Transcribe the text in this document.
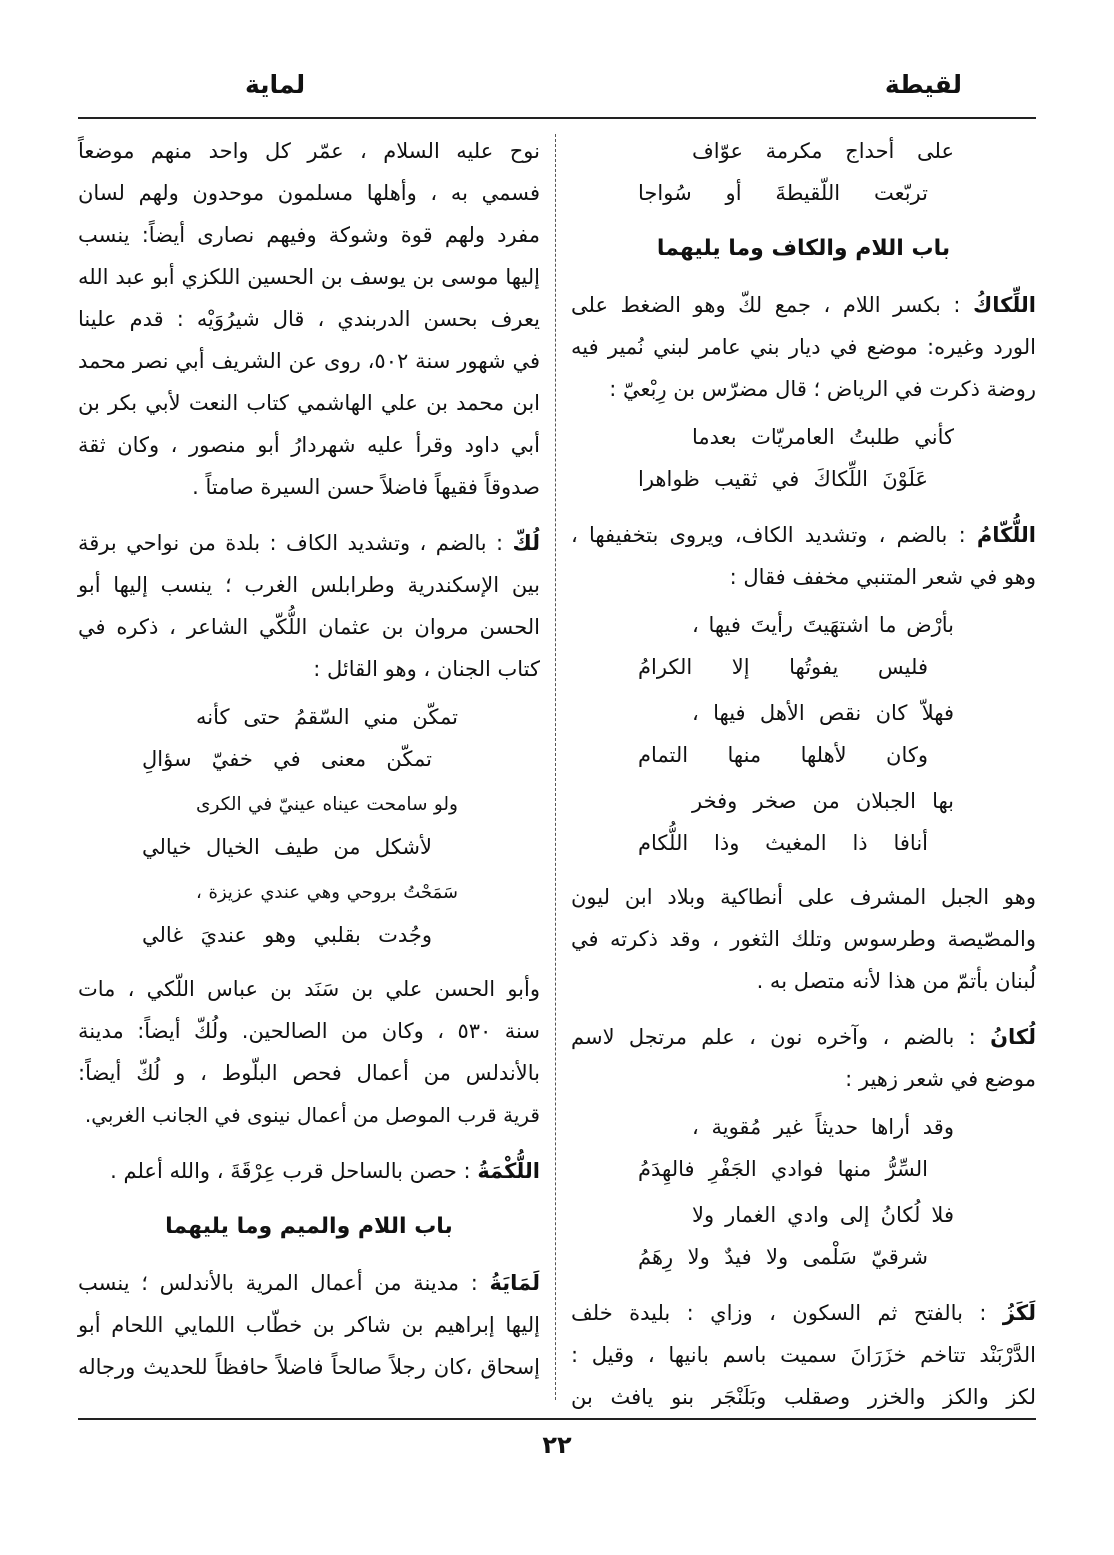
لقيطة
لماية
على أحداج مكرمة عوّاف
تربّعت اللّقيطةَ أو سُواجا
باب اللام والكاف وما يليهما
اللِّكاكُ : بكسر اللام ، جمع لكّ وهو الضغط على
الورد وغيره: موضع في ديار بني عامر لبني نُمير فيه
روضة ذكرت في الرياض ؛ قال مضرّس بن رِبْعيّ :
كأني طلبتُ العامريّات بعدما
عَلَوْنَ اللِّكاكَ في ثقيب ظواهرا
اللُّكّامُ : بالضم ، وتشديد الكاف، ويروى بتخفيفها ،
وهو في شعر المتنبي مخفف فقال :
بأرْض ما اشتهَيتَ رأيتَ فيها ،
فليس يفوتُها إلا الكرامُ
فهلاّ كان نقص الأهل فيها ،
وكان لأهلها منها التمام
بها الجبلان من صخر وفخر
أنافا ذا المغيث وذا اللُّكام
وهو الجبل المشرف على أنطاكية وبلاد ابن ليون
والمصّيصة وطرسوس وتلك الثغور ، وقد ذكرته في
لُبنان بأتمّ من هذا لأنه متصل به .
لُكانُ : بالضم ، وآخره نون ، علم مرتجل لاسم
موضع في شعر زهير :
وقد أراها حديثاً غير مُقوية ،
السِّرُّ منها فوادي الجَفْرِ فالهِدَمُ
فلا لُكانُ إلى وادي الغمار ولا
شرقيّ سَلْمى ولا فيدٌ ولا رِهَمُ
لَكَزُ : بالفتح ثم السكون ، وزاي : بليدة خلف
الدَّرْبَنْد تتاخم خزَرَانَ سميت باسم بانيها ، وقيل :
لكز والكز والخزر وصقلب وبَلَنْجَر بنو يافث بن
نوح عليه السلام ، عمّر كل واحد منهم موضعاً
فسمي به ، وأهلها مسلمون موحدون ولهم لسان
مفرد ولهم قوة وشوكة وفيهم نصارى أيضاً: ينسب
إليها موسى بن يوسف بن الحسين اللكزي أبو عبد الله
يعرف بحسن الدربندي ، قال شيرُوَيْه : قدم علينا
في شهور سنة ٥٠٢، روى عن الشريف أبي نصر محمد
ابن محمد بن علي الهاشمي كتاب النعت لأبي بكر بن
أبي داود وقرأ عليه شهردارُ أبو منصور ، وكان ثقة
صدوقاً فقيهاً فاضلاً حسن السيرة صامتاً .
لُكّ : بالضم ، وتشديد الكاف : بلدة من نواحي برقة
بين الإسكندرية وطرابلس الغرب ؛ ينسب إليها أبو
الحسن مروان بن عثمان اللُّكّي الشاعر ، ذكره في
كتاب الجنان ، وهو القائل :
تمكّن مني السّقمُ حتى كأنه
تمكّن معنى في خفيّ سؤالِ
ولو سامحت عيناه عينيّ في الكرى
لأشكل من طيف الخيال خيالي
سَمَحْتُ بروحي وهي عندي عزيزة ،
وجُدت بقلبي وهو عنديَ غالي
وأبو الحسن علي بن سَنَد بن عباس اللّكي ، مات
سنة ٥٣٠ ، وكان من الصالحين. ولُكّ أيضاً: مدينة
بالأندلس من أعمال فحص البلّوط ، و لُكّ أيضاً:
قرية قرب الموصل من أعمال نينوى في الجانب الغربي.
اللُّكْمَةُ : حصن بالساحل قرب عِرْقَةَ ، والله أعلم .
باب اللام والميم وما يليهما
لَمَايَةُ : مدينة من أعمال المرية بالأندلس ؛ ينسب
إليها إبراهيم بن شاكر بن خطّاب اللمايي اللحام أبو
إسحاق ،كان رجلاً صالحاً فاضلاً حافظاً للحديث ورجاله
٢٢
